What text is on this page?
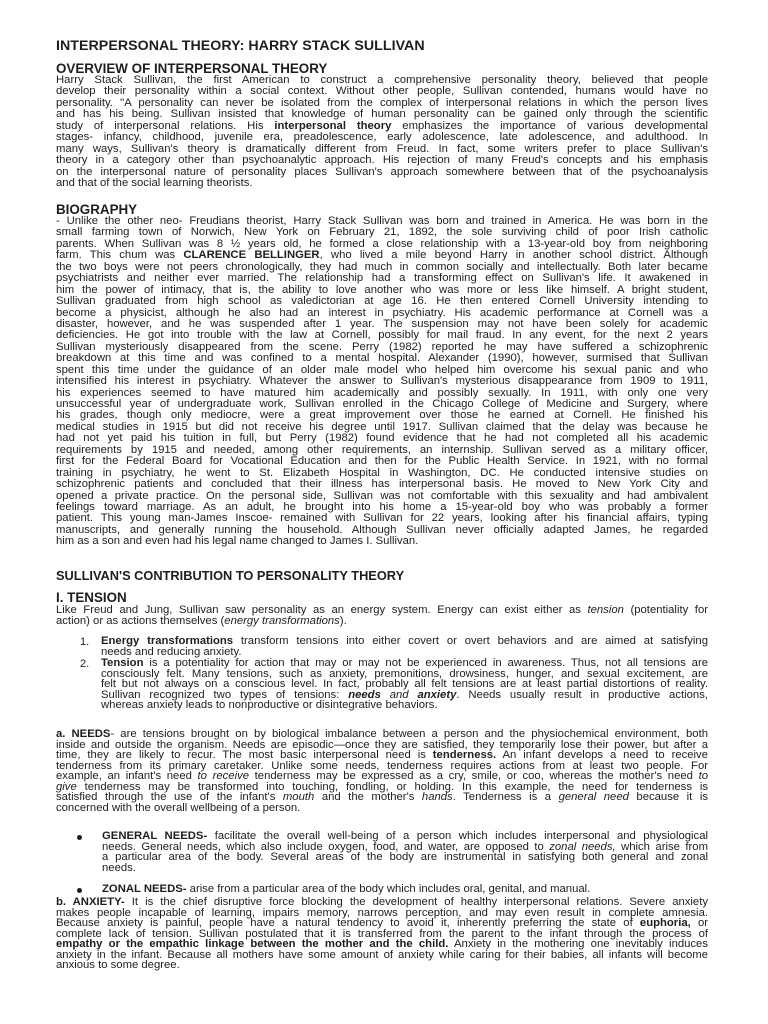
INTERPERSONAL THEORY: HARRY STACK SULLIVAN
OVERVIEW OF INTERPERSONAL THEORY
Harry Stack Sullivan, the first American to construct a comprehensive personality theory, believed that people
develop their personality within a social context. Without other people, Sullivan contended, humans would have no
personality. "A personality can never be isolated from the complex of interpersonal relations in which the person lives
and has his being. Sullivan insisted that knowledge of human personality can be gained only through the scientific
study of interpersonal relations. His interpersonal theory emphasizes the importance of various developmental
stages- infancy, childhood, juvenile era, preadolescence, early adolescence, late adolescence, and adulthood. In
many ways, Sullivan's theory is dramatically different from Freud. In fact, some writers prefer to place Sullivan's
theory in a category other than psychoanalytic approach. His rejection of many Freud's concepts and his emphasis
on the interpersonal nature of personality places Sullivan's approach somewhere between that of the psychoanalysis
and that of the social learning theorists.
BIOGRAPHY
- Unlike the other neo- Freudians theorist, Harry Stack Sullivan was born and trained in America. He was born in the
small farming town of Norwich, New York on February 21, 1892, the sole surviving child of poor Irish catholic
parents. When Sullivan was 8 ½ years old, he formed a close relationship with a 13-year-old boy from neighboring
farm. This chum was CLARENCE BELLINGER, who lived a mile beyond Harry in another school district. Although
the two boys were not peers chronologically, they had much in common socially and intellectually. Both later became
psychiatrists and neither ever married. The relationship had a transforming effect on Sullivan's life. It awakened in
him the power of intimacy, that is, the ability to love another who was more or less like himself. A bright student,
Sullivan graduated from high school as valedictorian at age 16. He then entered Cornell University intending to
become a physicist, although he also had an interest in psychiatry. His academic performance at Cornell was a
disaster, however, and he was suspended after 1 year. The suspension may not have been solely for academic
deficiencies. He got into trouble with the law at Cornell, possibly for mail fraud. In any event, for the next 2 years
Sullivan mysteriously disappeared from the scene. Perry (1982) reported he may have suffered a schizophrenic
breakdown at this time and was confined to a mental hospital. Alexander (1990), however, surmised that Sullivan
spent this time under the guidance of an older male model who helped him overcome his sexual panic and who
intensified his interest in psychiatry. Whatever the answer to Sullivan's mysterious disappearance from 1909 to 1911,
his experiences seemed to have matured him academically and possibly sexually. In 1911, with only one very
unsuccessful year of undergraduate work, Sullivan enrolled in the Chicago College of Medicine and Surgery, where
his grades, though only mediocre, were a great improvement over those he earned at Cornell. He finished his
medical studies in 1915 but did not receive his degree until 1917. Sullivan claimed that the delay was because he
had not yet paid his tuition in full, but Perry (1982) found evidence that he had not completed all his academic
requirements by 1915 and needed, among other requirements, an internship. Sullivan served as a military officer,
first for the Federal Board for Vocational Education and then for the Public Health Service. In 1921, with no formal
training in psychiatry, he went to St. Elizabeth Hospital in Washington, DC. He conducted intensive studies on
schizophrenic patients and concluded that their illness has interpersonal basis. He moved to New York City and
opened a private practice. On the personal side, Sullivan was not comfortable with this sexuality and had ambivalent
feelings toward marriage. As an adult, he brought into his home a 15-year-old boy who was probably a former
patient. This young man-James Inscoe- remained with Sullivan for 22 years, looking after his financial affairs, typing
manuscripts, and generally running the household. Although Sullivan never officially adapted James, he regarded
him as a son and even had his legal name changed to James I. Sullivan.
SULLIVAN'S CONTRIBUTION TO PERSONALITY THEORY
I. TENSION
Like Freud and Jung, Sullivan saw personality as an energy system. Energy can exist either as tension (potentiality for
action) or as actions themselves (energy transformations).
1. Energy transformations transform tensions into either covert or overt behaviors and are aimed at satisfying
needs and reducing anxiety.
2. Tension is a potentiality for action that may or may not be experienced in awareness. Thus, not all tensions are
consciously felt. Many tensions, such as anxiety, premonitions, drowsiness, hunger, and sexual excitement, are
felt but not always on a conscious level. In fact, probably all felt tensions are at least partial distortions of reality.
Sullivan recognized two types of tensions: needs and anxiety. Needs usually result in productive actions,
whereas anxiety leads to nonproductive or disintegrative behaviors.
a. NEEDS- are tensions brought on by biological imbalance between a person and the physiochemical environment, both
inside and outside the organism. Needs are episodic—once they are satisfied, they temporarily lose their power, but after a
time, they are likely to recur. The most basic interpersonal need is tenderness. An infant develops a need to receive
tenderness from its primary caretaker. Unlike some needs, tenderness requires actions from at least two people. For
example, an infant's need to receive tenderness may be expressed as a cry, smile, or coo, whereas the mother's need to
give tenderness may be transformed into touching, fondling, or holding. In this example, the need for tenderness is
satisfied through the use of the infant's mouth and the mother's hands. Tenderness is a general need because it is
concerned with the overall wellbeing of a person.
GENERAL NEEDS- facilitate the overall well-being of a person which includes interpersonal and physiological
needs. General needs, which also include oxygen, food, and water, are opposed to zonal needs, which arise from
a particular area of the body. Several areas of the body are instrumental in satisfying both general and zonal
needs.
ZONAL NEEDS- arise from a particular area of the body which includes oral, genital, and manual.
b. ANXIETY- It is the chief disruptive force blocking the development of healthy interpersonal relations. Severe anxiety
makes people incapable of learning, impairs memory, narrows perception, and may even result in complete amnesia.
Because anxiety is painful, people have a natural tendency to avoid it, inherently preferring the state of euphoria, or
complete lack of tension. Sullivan postulated that it is transferred from the parent to the infant through the process of
empathy or the empathic linkage between the mother and the child. Anxiety in the mothering one inevitably induces
anxiety in the infant. Because all mothers have some amount of anxiety while caring for their babies, all infants will become
anxious to some degree.
